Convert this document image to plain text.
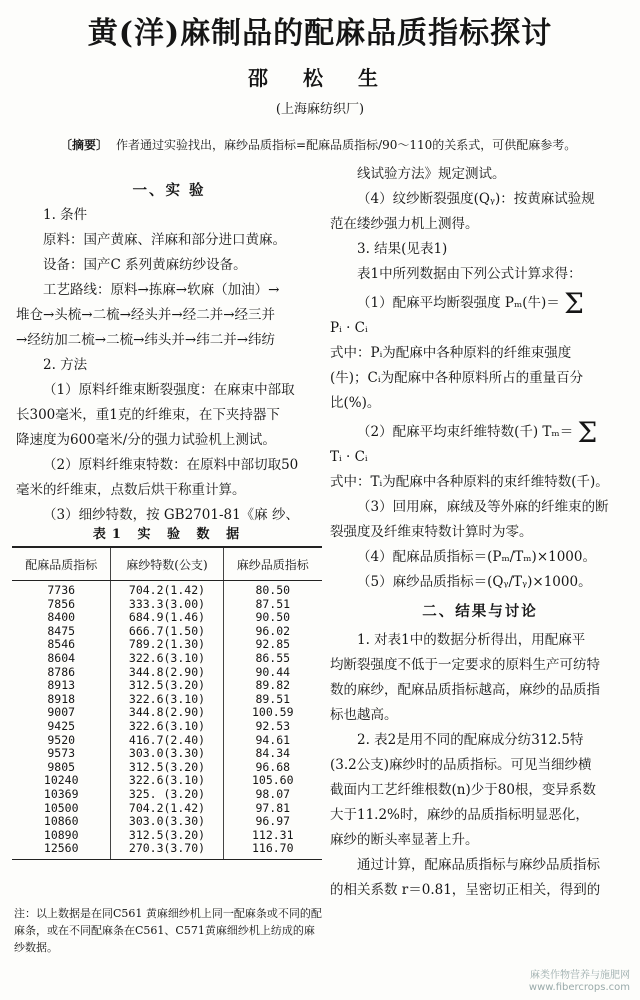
黄(洋)麻制品的配麻品质指标探讨
邵 松 生
(上海麻纺织厂)
〔摘要〕 作者通过实验找出，麻纱品质指标=配麻品质指标/90～110的关系式，可供配麻参考。

一、实 验

1. 条件

原料：国产黄麻、洋麻和部分进口黄麻。

设备：国产C 系列黄麻纺纱设备。

工艺路线：原料→拣麻→软麻（加油）→

堆仓→头梳→二梳→经头并→经二并→经三并

→经纺加二梳→二梳→纬头并→纬二并→纬纺

2. 方法

（1）原料纤维束断裂强度：在麻束中部取

长300毫米，重1克的纤维束，在下夹持器下

降速度为600毫米/分的强力试验机上测试。

（2）原料纤维束特数：在原料中部切取50

毫米的纤维束，点数后烘干称重计算。

（3）细纱特数，按 GB2701-81《麻 纱、

表1 实 验 数 据
配麻品质指标	麻纱特数(公支)	麻纱品质指标
7736	704.2(1.42)	80.50
7856	333.3(3.00)	87.51
8400	684.9(1.46)	90.50
8475	666.7(1.50)	96.02
8546	789.2(1.30)	92.85
8604	322.6(3.10)	86.55
8786	344.8(2.90)	90.44
8913	312.5(3.20)	89.82
8918	322.6(3.10)	89.51
9007	344.8(2.90)	100.59
9425	322.6(3.10)	92.53
9520	416.7(2.40)	94.61
9573	303.0(3.30)	84.34
9805	312.5(3.20)	96.68
10240	322.6(3.10)	105.60
10369	325. (3.20)	98.07
10500	704.2(1.42)	97.81
10860	303.0(3.30)	96.97
10890	312.5(3.20)	112.31
12560	270.3(3.70)	116.70
注：以上数据是在同C561 黄麻细纱机上同一配麻条或不同的配麻条，或在不同配麻条在C561、C571黄麻细纱机上纺成的麻纱数据。

线试验方法》规定测试。

（4）纹纱断裂强度(Qᵧ)：按黄麻试验规

范在缕纱强力机上测得。

3. 结果(见表1)

表1中所列数据由下列公式计算求得：

（1）配麻平均断裂强度 Pₘ(牛)＝ Σ

Pᵢ · Cᵢ

式中：Pᵢ为配麻中各种原料的纤维束强度

(牛)；Cᵢ为配麻中各种原料所占的重量百分

比(%)。

（2）配麻平均束纤维特数(千) Tₘ＝ Σ

Tᵢ · Cᵢ

式中：Tᵢ为配麻中各种原料的束纤维特数(千)。

（3）回用麻，麻绒及等外麻的纤维束的断

裂强度及纤维束特数计算时为零。

（4）配麻品质指标＝(Pₘ/Tₘ)×1000。

（5）麻纱品质指标＝(Qᵧ/Tᵧ)×1000。

二、结果与讨论

1. 对表1中的数据分析得出，用配麻平

均断裂强度不低于一定要求的原料生产可纺特

数的麻纱，配麻品质指标越高，麻纱的品质指

标也越高。

2. 表2是用不同的配麻成分纺312.5特

(3.2公支)麻纱时的品质指标。可见当细纱横

截面内工艺纤维根数(n)少于80根，变异系数

大于11.2%时，麻纱的品质指标明显恶化，

麻纱的断头率显著上升。

通过计算，配麻品质指标与麻纱品质指标

的相关系数 r＝0.81，呈密切正相关，得到的

麻类作物营养与施肥网
www.fibercrops.com
